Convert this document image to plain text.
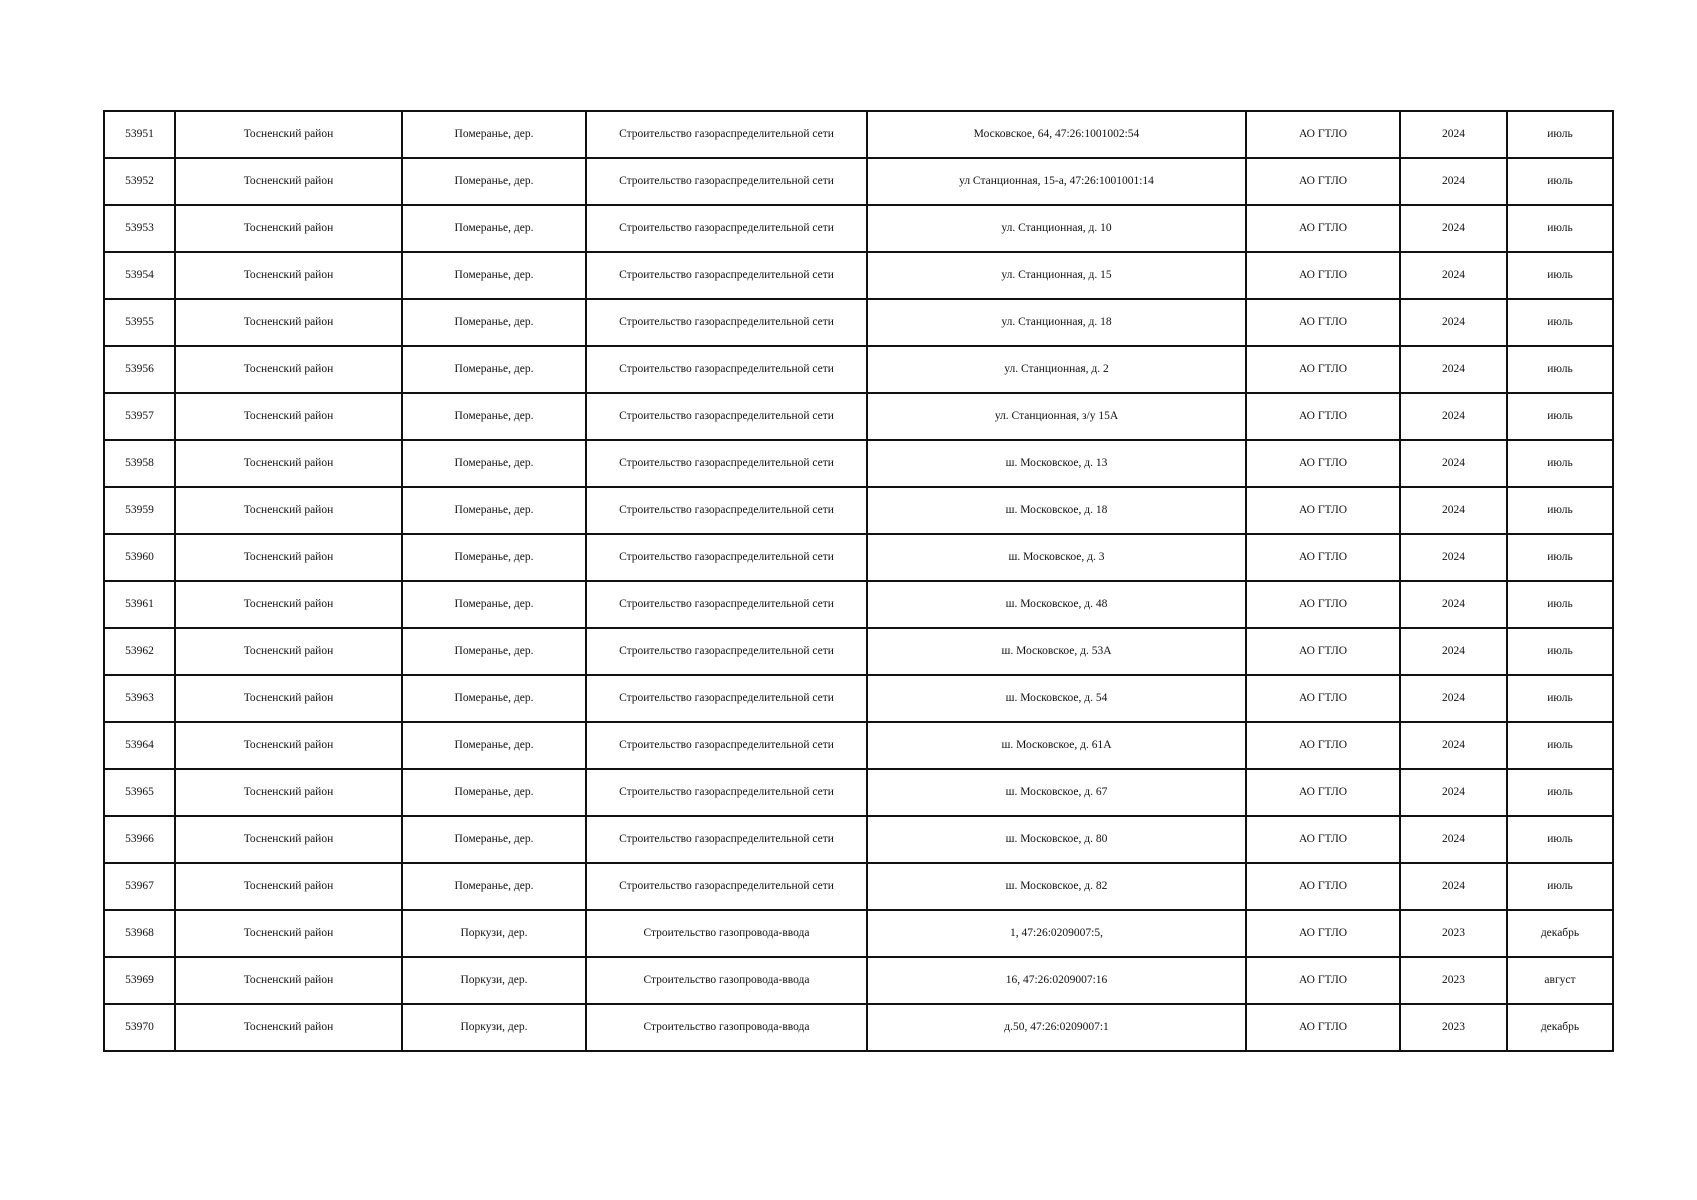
53951	Тосненский район	Померанье, дер.	Строительство газораспределительной сети	Московское, 64, 47:26:1001002:54	АО ГТЛО	2024	июль
53952	Тосненский район	Померанье, дер.	Строительство газораспределительной сети	ул Станционная, 15-а, 47:26:1001001:14	АО ГТЛО	2024	июль
53953	Тосненский район	Померанье, дер.	Строительство газораспределительной сети	ул. Станционная, д. 10	АО ГТЛО	2024	июль
53954	Тосненский район	Померанье, дер.	Строительство газораспределительной сети	ул. Станционная, д. 15	АО ГТЛО	2024	июль
53955	Тосненский район	Померанье, дер.	Строительство газораспределительной сети	ул. Станционная, д. 18	АО ГТЛО	2024	июль
53956	Тосненский район	Померанье, дер.	Строительство газораспределительной сети	ул. Станционная, д. 2	АО ГТЛО	2024	июль
53957	Тосненский район	Померанье, дер.	Строительство газораспределительной сети	ул. Станционная, з/у 15А	АО ГТЛО	2024	июль
53958	Тосненский район	Померанье, дер.	Строительство газораспределительной сети	ш. Московское, д. 13	АО ГТЛО	2024	июль
53959	Тосненский район	Померанье, дер.	Строительство газораспределительной сети	ш. Московское, д. 18	АО ГТЛО	2024	июль
53960	Тосненский район	Померанье, дер.	Строительство газораспределительной сети	ш. Московское, д. 3	АО ГТЛО	2024	июль
53961	Тосненский район	Померанье, дер.	Строительство газораспределительной сети	ш. Московское, д. 48	АО ГТЛО	2024	июль
53962	Тосненский район	Померанье, дер.	Строительство газораспределительной сети	ш. Московское, д. 53А	АО ГТЛО	2024	июль
53963	Тосненский район	Померанье, дер.	Строительство газораспределительной сети	ш. Московское, д. 54	АО ГТЛО	2024	июль
53964	Тосненский район	Померанье, дер.	Строительство газораспределительной сети	ш. Московское, д. 61А	АО ГТЛО	2024	июль
53965	Тосненский район	Померанье, дер.	Строительство газораспределительной сети	ш. Московское, д. 67	АО ГТЛО	2024	июль
53966	Тосненский район	Померанье, дер.	Строительство газораспределительной сети	ш. Московское, д. 80	АО ГТЛО	2024	июль
53967	Тосненский район	Померанье, дер.	Строительство газораспределительной сети	ш. Московское, д. 82	АО ГТЛО	2024	июль
53968	Тосненский район	Поркузи, дер.	Строительство газопровода-ввода	1, 47:26:0209007:5,	АО ГТЛО	2023	декабрь
53969	Тосненский район	Поркузи, дер.	Строительство газопровода-ввода	16, 47:26:0209007:16	АО ГТЛО	2023	август
53970	Тосненский район	Поркузи, дер.	Строительство газопровода-ввода	д.50, 47:26:0209007:1	АО ГТЛО	2023	декабрь
